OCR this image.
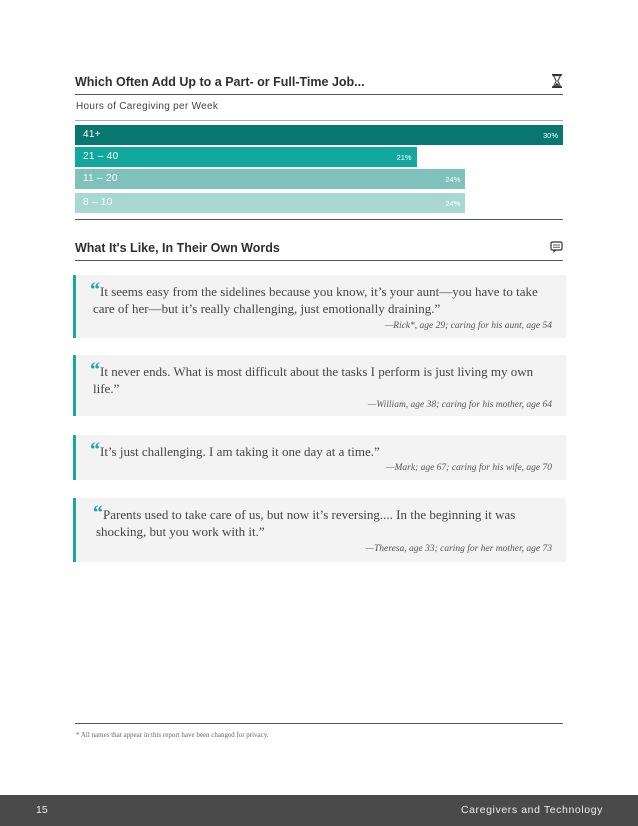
Which Often Add Up to a Part- or Full-Time Job...
Hours of Caregiving per Week
41+	30%
21 – 40	21%
11 – 20	24%
8 – 10	24%
What It's Like, In Their Own Words
“ It seems easy from the sidelines because you know, it’s your aunt—you have to take care of her—but it’s really challenging, just emotionally draining.”
—Rick*, age 29; caring for his aunt, age 54
“ It never ends. What is most difficult about the tasks I perform is just living my own life.”
—William, age 38; caring for his mother, age 64
“ It’s just challenging. I am taking it one day at a time.”
—Mark; age 67; caring for his wife, age 70
“ Parents used to take care of us, but now it’s reversing.... In the beginning it was shocking, but you work with it.”
—Theresa, age 33; caring for her mother, age 73
* All names that appear in this report have been changed for privacy.
15	Caregivers and Technology
